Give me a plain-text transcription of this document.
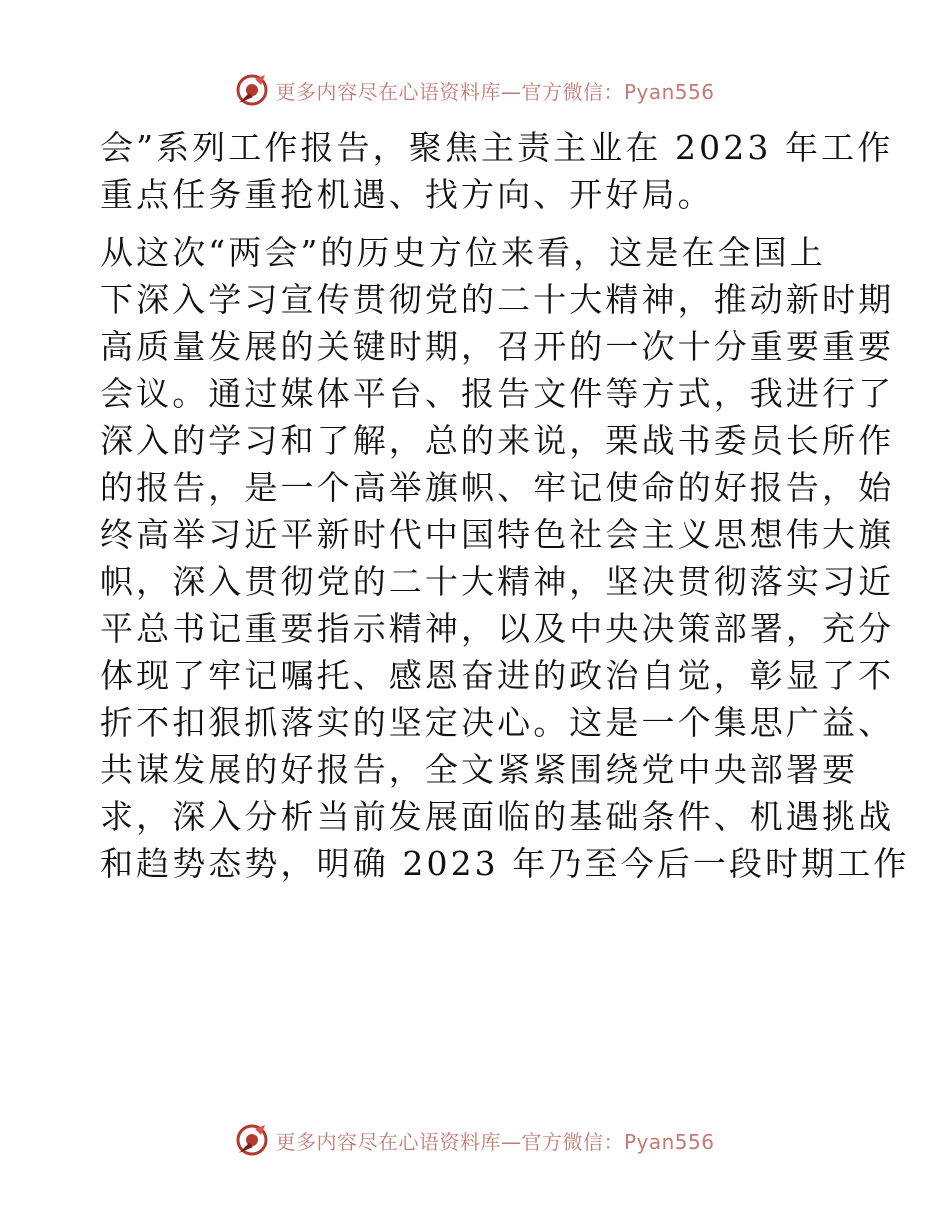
更多内容尽在心语资料库—官方微信：Pyan556
会”系列工作报告，聚焦主责主业在 2023 年工作
重点任务重抢机遇、找方向、开好局。
从这次“两会”的历史方位来看，这是在全国上
下深入学习宣传贯彻党的二十大精神，推动新时期
高质量发展的关键时期，召开的一次十分重要重要
会议。通过媒体平台、报告文件等方式，我进行了
深入的学习和了解，总的来说，栗战书委员长所作
的报告，是一个高举旗帜、牢记使命的好报告，始
终高举习近平新时代中国特色社会主义思想伟大旗
帜，深入贯彻党的二十大精神，坚决贯彻落实习近
平总书记重要指示精神，以及中央决策部署，充分
体现了牢记嘱托、感恩奋进的政治自觉，彰显了不
折不扣狠抓落实的坚定决心。这是一个集思广益、
共谋发展的好报告，全文紧紧围绕党中央部署要
求，深入分析当前发展面临的基础条件、机遇挑战
和趋势态势，明确 2023 年乃至今后一段时期工作
更多内容尽在心语资料库—官方微信：Pyan556
